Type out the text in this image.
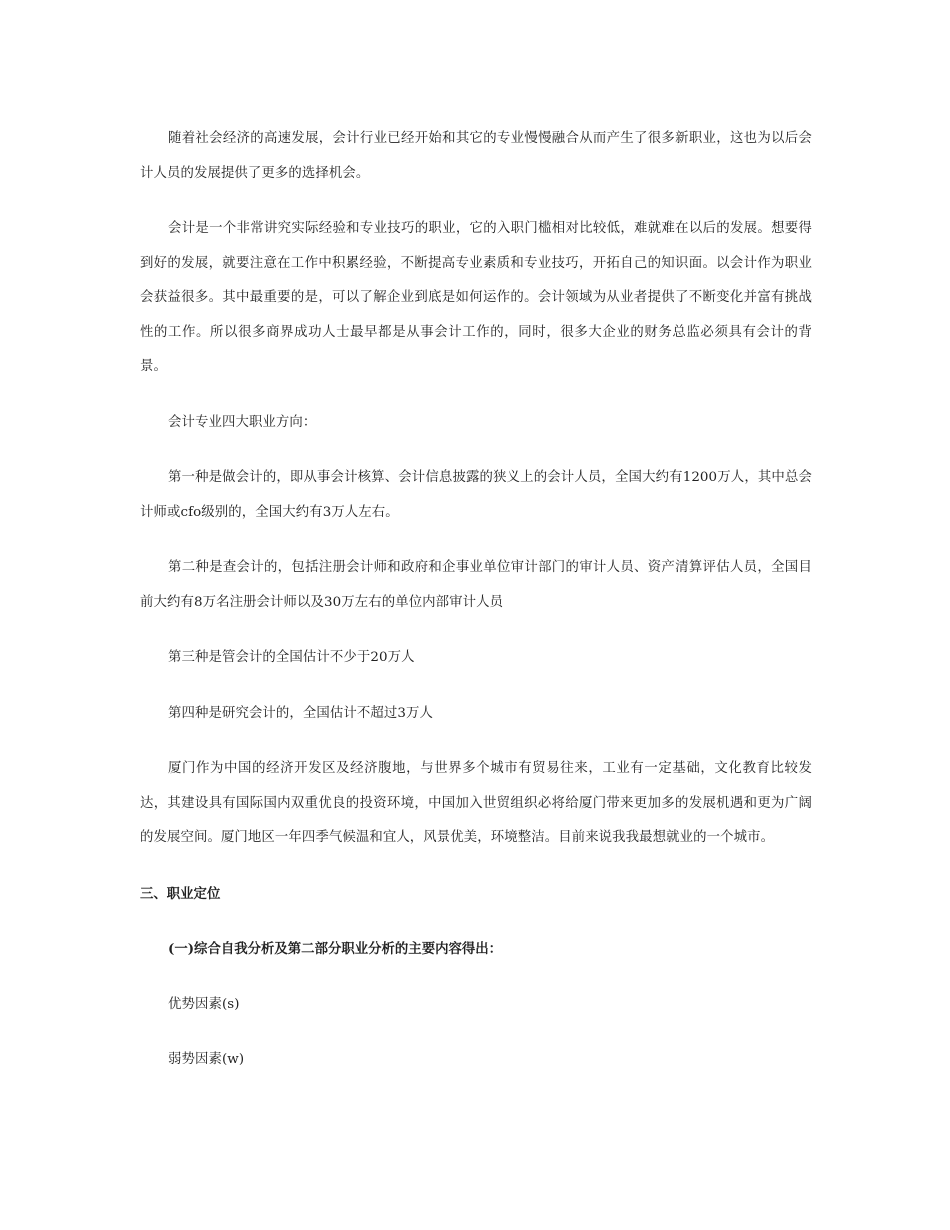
随着社会经济的高速发展，会计行业已经开始和其它的专业慢慢融合从而产生了很多新职业，这也为以后会计人员的发展提供了更多的选择机会。

会计是一个非常讲究实际经验和专业技巧的职业，它的入职门槛相对比较低，难就难在以后的发展。想要得到好的发展，就要注意在工作中积累经验，不断提高专业素质和专业技巧，开拓自己的知识面。以会计作为职业会获益很多。其中最重要的是，可以了解企业到底是如何运作的。会计领域为从业者提供了不断变化并富有挑战性的工作。所以很多商界成功人士最早都是从事会计工作的，同时，很多大企业的财务总监必须具有会计的背景。

会计专业四大职业方向：

第一种是做会计的，即从事会计核算、会计信息披露的狭义上的会计人员，全国大约有1200万人，其中总会计师或cfo级别的，全国大约有3万人左右。

第二种是查会计的，包括注册会计师和政府和企事业单位审计部门的审计人员、资产清算评估人员，全国目前大约有8万名注册会计师以及30万左右的单位内部审计人员

第三种是管会计的全国估计不少于20万人

第四种是研究会计的，全国估计不超过3万人

厦门作为中国的经济开发区及经济腹地，与世界多个城市有贸易往来，工业有一定基础，文化教育比较发达，其建设具有国际国内双重优良的投资环境，中国加入世贸组织必将给厦门带来更加多的发展机遇和更为广阔的发展空间。厦门地区一年四季气候温和宜人，风景优美，环境整洁。目前来说我我最想就业的一个城市。

三、职业定位

(一)综合自我分析及第二部分职业分析的主要内容得出：

优势因素(s)

弱势因素(w)
